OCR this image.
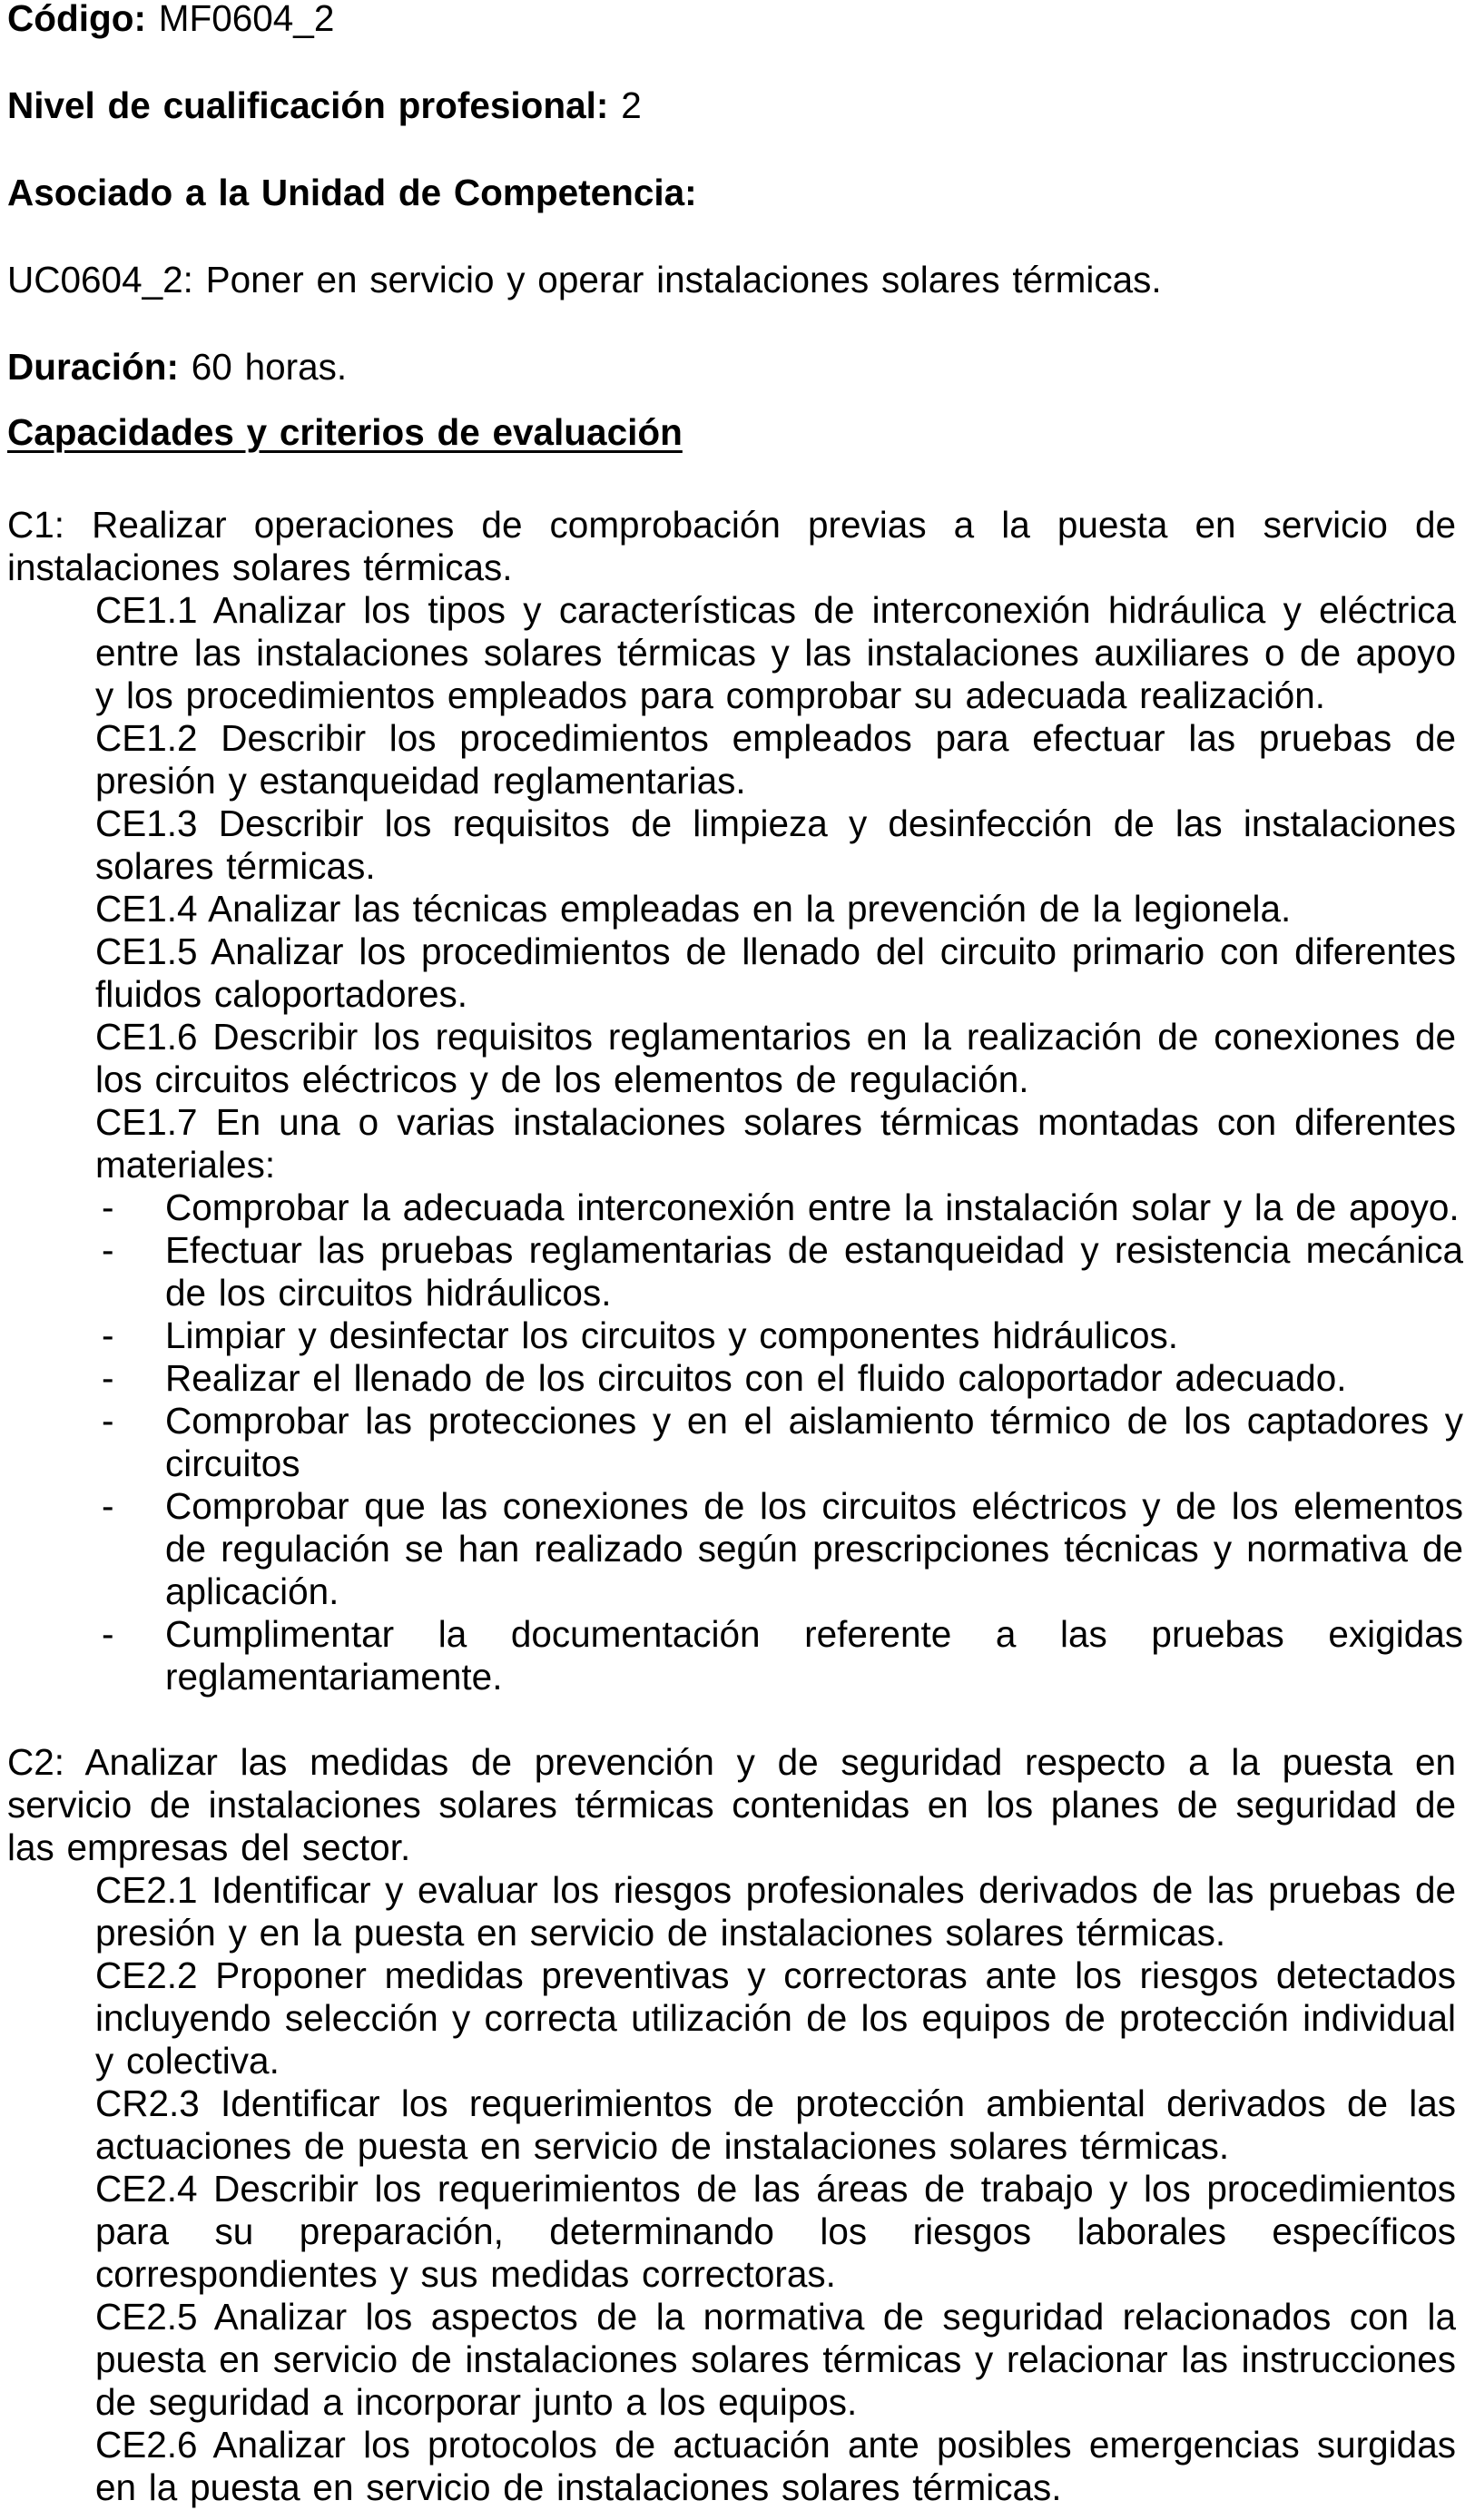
Código: MF0604_2

Nivel de cualificación profesional: 2

Asociado a la Unidad de Competencia:

UC0604_2: Poner en servicio y operar instalaciones solares térmicas.

Duración: 60 horas.

Capacidades y criterios de evaluación

C1: Realizar operaciones de comprobación previas a la puesta en servicio de instalaciones solares térmicas.

CE1.1 Analizar los tipos y características de interconexión hidráulica y eléctrica entre las instalaciones solares térmicas y las instalaciones auxiliares o de apoyo y los procedimientos empleados para comprobar su adecuada realización.

CE1.2 Describir los procedimientos empleados para efectuar las pruebas de presión y estanqueidad reglamentarias.

CE1.3 Describir los requisitos de limpieza y desinfección de las instalaciones solares térmicas.

CE1.4 Analizar las técnicas empleadas en la prevención de la legionela.

CE1.5 Analizar los procedimientos de llenado del circuito primario con diferentes fluidos caloportadores.

CE1.6 Describir los requisitos reglamentarios en la realización de conexiones de los circuitos eléctricos y de los elementos de regulación.

CE1.7 En una o varias instalaciones solares térmicas montadas con diferentes materiales:

- Comprobar la adecuada interconexión entre la instalación solar y la de apoyo.

- Efectuar las pruebas reglamentarias de estanqueidad y resistencia mecánica de los circuitos hidráulicos.

- Limpiar y desinfectar los circuitos y componentes hidráulicos.

- Realizar el llenado de los circuitos con el fluido caloportador adecuado.

- Comprobar las protecciones y en el aislamiento térmico de los captadores y circuitos

- Comprobar que las conexiones de los circuitos eléctricos y de los elementos de regulación se han realizado según prescripciones técnicas y normativa de aplicación.

- Cumplimentar la documentación referente a las pruebas exigidas reglamentariamente.

C2: Analizar las medidas de prevención y de seguridad respecto a la puesta en servicio de instalaciones solares térmicas contenidas en los planes de seguridad de las empresas del sector.

CE2.1 Identificar y evaluar los riesgos profesionales derivados de las pruebas de presión y en la puesta en servicio de instalaciones solares térmicas.

CE2.2 Proponer medidas preventivas y correctoras ante los riesgos detectados incluyendo selección y correcta utilización de los equipos de protección individual y colectiva.

CR2.3 Identificar los requerimientos de protección ambiental derivados de las actuaciones de puesta en servicio de instalaciones solares térmicas.

CE2.4 Describir los requerimientos de las áreas de trabajo y los procedimientos para su preparación, determinando los riesgos laborales específicos correspondientes y sus medidas correctoras.

CE2.5 Analizar los aspectos de la normativa de seguridad relacionados con la puesta en servicio de instalaciones solares térmicas y relacionar las instrucciones de seguridad a incorporar junto a los equipos.

CE2.6 Analizar los protocolos de actuación ante posibles emergencias surgidas en la puesta en servicio de instalaciones solares térmicas.
